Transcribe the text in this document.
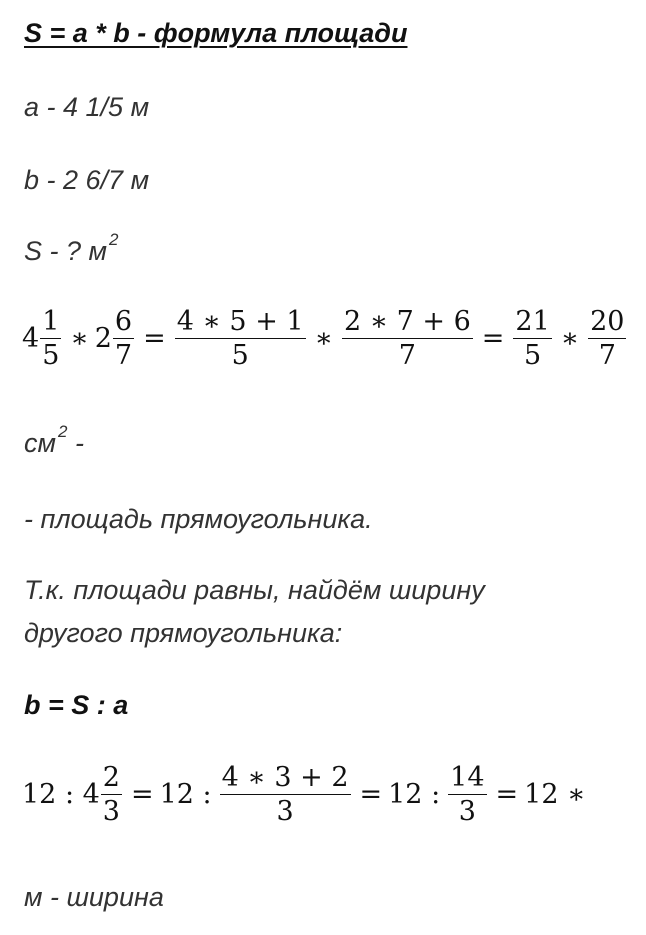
S = a * b - формула площади
a - 4 1/5 м
b - 2 6/7 м
S - ? м $^2$
$4 \frac{1}{5}$ ∗ $2 \frac{6}{7} = \frac{4 ∗ 5 + 1}{5}$ ∗ $\frac{2 ∗ 7 + 6}{7} = \frac{21}{5}$ ∗ $\frac{20}{7}$
см $^2$ -
- площадь прямоугольника.
Т.к. площади равны, найдём ширину
другого прямоугольника:
b = S : a
12 : $4 \frac{2}{3} = 12$ : $\frac{4 ∗ 3 + 2}{3} = 12$ : $\frac{14}{3} = 12$ ∗
м - ширина
